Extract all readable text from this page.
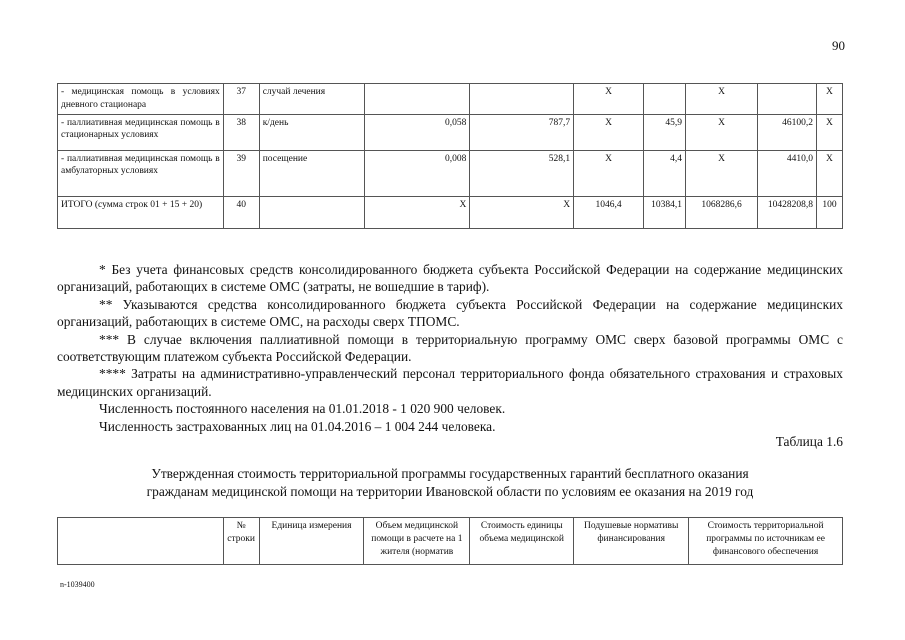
90
- медицинская помощь в условиях дневного стационара	37	случай лечения			X		X		X
- паллиативная медицинская помощь в стационарных условиях	38	к/день	0,058	787,7	X	45,9	X	46100,2	X
- паллиативная медицинская помощь в амбулаторных условиях	39	посещение	0,008	528,1	X	4,4	X	4410,0	X
ИТОГО (сумма строк 01 + 15 + 20)	40		X	X	1046,4	10384,1	1068286,6	10428208,8	100

* Без учета финансовых средств консолидированного бюджета субъекта Российской Федерации на содержание медицинских организаций, работающих в системе ОМС (затраты, не вошедшие в тариф).

** Указываются средства консолидированного бюджета субъекта Российской Федерации на содержание медицинских организаций, работающих в системе ОМС, на расходы сверх ТПОМС.

*** В случае включения паллиативной помощи в территориальную программу ОМС сверх базовой программы ОМС с соответствующим платежом субъекта Российской Федерации.

**** Затраты на административно-управленческий персонал территориального фонда обязательного страхования и страховых медицинских организаций.

Численность постоянного населения на 01.01.2018 - 1 020 900 человек.

Численность застрахованных лиц на 01.04.2016 – 1 004 244 человека.

Таблица 1.6
Утвержденная стоимость территориальной программы государственных гарантий бесплатного оказания
гражданам медицинской помощи на территории Ивановской области по условиям ее оказания на 2019 год
	№ строки	Единица измерения	Объем медицинской помощи в расчете на 1 жителя (норматив	Стоимость единицы объема медицинской	Подушевые нормативы финансирования	Стоимость территориальной программы по источникам ее финансового обеспечения
n-1039400
